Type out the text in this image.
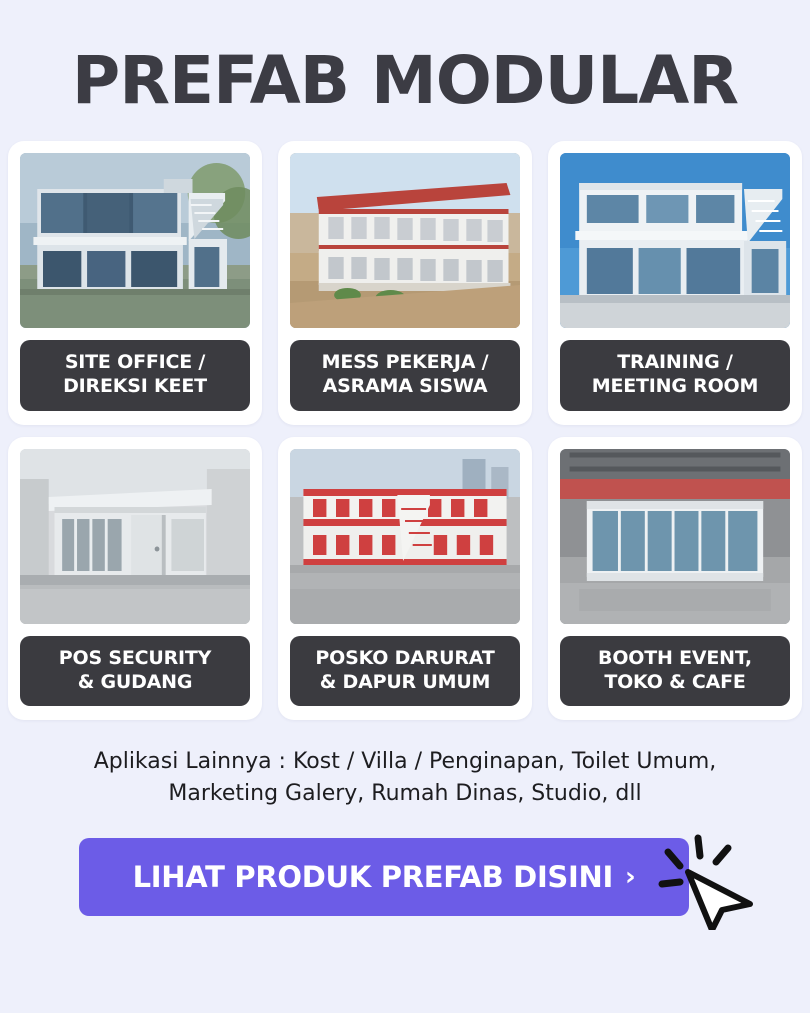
PREFAB MODULAR
SITE OFFICE /
DIREKSI KEET
MESS PEKERJA /
ASRAMA SISWA
TRAINING /
MEETING ROOM
POS SECURITY
& GUDANG
POSKO DARURAT
& DAPUR UMUM
BOOTH EVENT,
TOKO & CAFE
Aplikasi Lainnya : Kost / Villa / Penginapan, Toilet Umum,
Marketing Galery, Rumah Dinas, Studio, dll
LIHAT PRODUK PREFAB DISINI ›
